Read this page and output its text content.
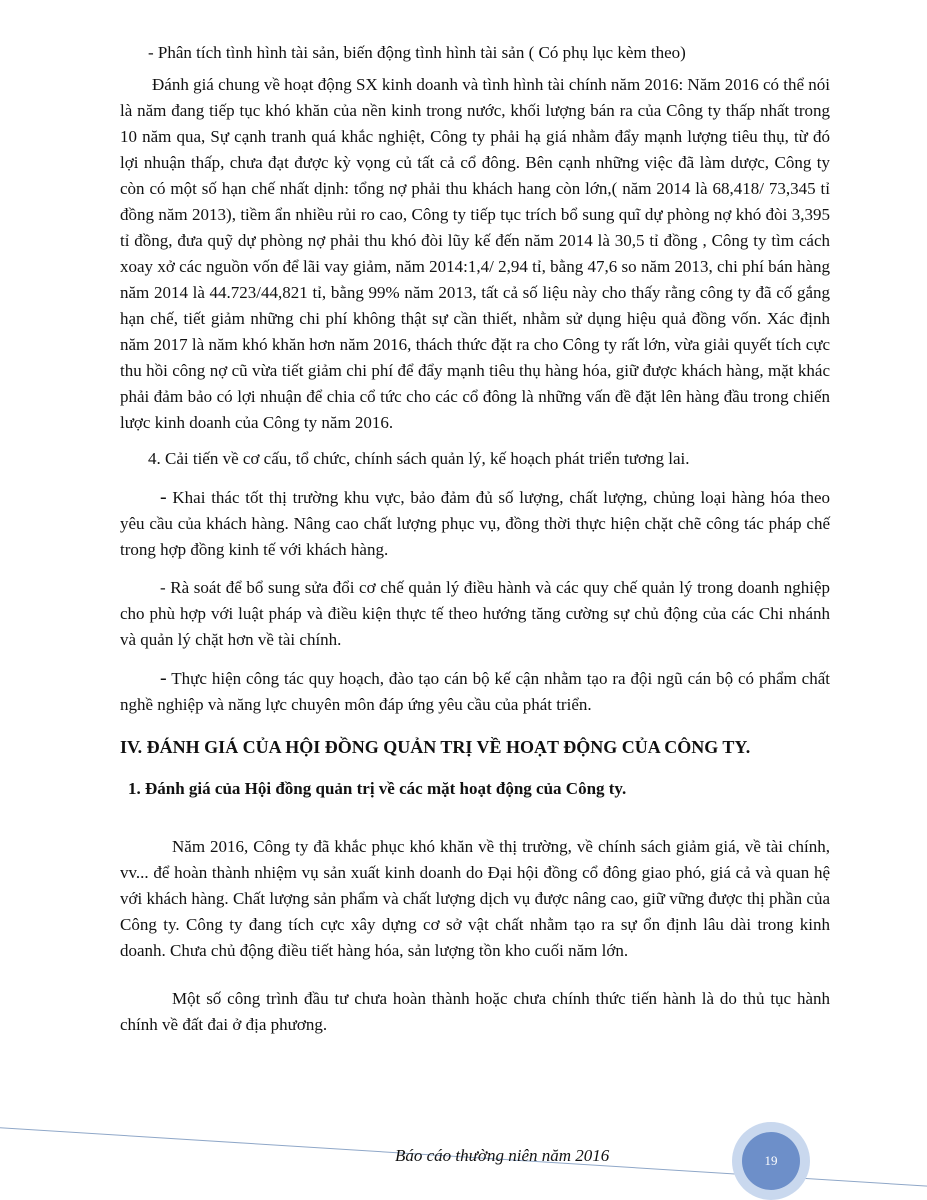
- Phân tích tình hình tài sản, biến động tình hình tài sản ( Có phụ lục kèm theo)

Đánh giá chung về hoạt động SX kinh doanh và tình hình tài chính năm 2016: Năm 2016 có thể nói là năm đang tiếp tục khó khăn của nền kinh trong nước, khối lượng bán ra của Công ty thấp nhất trong 10 năm qua, Sự cạnh tranh quá khắc nghiệt, Công ty phải hạ giá nhằm đẩy mạnh lượng tiêu thụ, từ đó lợi nhuận thấp, chưa đạt được kỳ vọng củ tất cả cổ đông. Bên cạnh những việc đã làm dược, Công ty còn có một số hạn chế nhất dịnh: tổng nợ phải thu khách hang còn lớn,( năm 2014 là 68,418/ 73,345 tỉ đồng năm 2013), tiềm ẩn nhiều rủi ro cao, Công ty tiếp tục trích bổ sung quĩ dự phòng nợ khó đòi 3,395 tỉ đồng, đưa quỹ dự phòng nợ phải thu khó đòi lũy kế đến năm 2014 là 30,5 tỉ đồng , Công ty tìm cách xoay xở các nguồn vốn để lãi vay giảm, năm 2014:1,4/ 2,94 tỉ, bằng 47,6 so năm 2013, chi phí bán hàng năm 2014 là 44.723/44,821 tỉ, bằng 99% năm 2013, tất cả số liệu này cho thấy rằng công ty đã cố gắng hạn chế, tiết giảm những chi phí không thật sự cần thiết, nhằm sử dụng hiệu quả đồng vốn. Xác định năm 2017 là năm khó khăn hơn năm 2016, thách thức đặt ra cho Công ty rất lớn, vừa giải quyết tích cực thu hồi công nợ cũ vừa tiết giảm chi phí để đẩy mạnh tiêu thụ hàng hóa, giữ được khách hàng, mặt khác phải đảm bảo có lợi nhuận để chia cổ tức cho các cổ đông là những vấn đề đặt lên hàng đầu trong chiến lược kinh doanh của Công ty năm 2016.

4. Cải tiến về cơ cấu, tổ chức, chính sách quản lý, kế hoạch phát triển tương lai.

- Khai thác tốt thị trường khu vực, bảo đảm đủ số lượng, chất lượng, chủng loại hàng hóa theo yêu cầu của khách hàng. Nâng cao chất lượng phục vụ, đồng thời thực hiện chặt chẽ công tác pháp chế trong hợp đồng kinh tế với khách hàng.

- Rà soát để bổ sung sửa đổi cơ chế quản lý điều hành và các quy chế quản lý trong doanh nghiệp cho phù hợp với luật pháp và điều kiện thực tế theo hướng tăng cường sự chủ động của các Chi nhánh và quản lý chặt hơn về tài chính.

- Thực hiện công tác quy hoạch, đào tạo cán bộ kế cận nhằm tạo ra đội ngũ cán bộ có phẩm chất nghề nghiệp và năng lực chuyên môn đáp ứng yêu cầu của phát triển.

IV. ĐÁNH GIÁ CỦA HỘI ĐỒNG QUẢN TRỊ VỀ HOẠT ĐỘNG CỦA CÔNG TY.

1. Đánh giá của Hội đồng quản trị về các mặt hoạt động của Công ty.

Năm 2016, Công ty đã khắc phục khó khăn về thị trường, về chính sách giảm giá, về tài chính, vv... để hoàn thành nhiệm vụ sản xuất kinh doanh do Đại hội đồng cổ đông giao phó, giá cả và quan hệ với khách hàng. Chất lượng sản phẩm và chất lượng dịch vụ được nâng cao, giữ vững được thị phần của Công ty. Công ty đang tích cực xây dựng cơ sở vật chất nhằm tạo ra sự ổn định lâu dài trong kinh doanh. Chưa chủ động điều tiết hàng hóa, sản lượng tồn kho cuối năm lớn.

Một số công trình đầu tư chưa hoàn thành hoặc chưa chính thức tiến hành là do thủ tục hành chính về đất đai ở địa phương.

Báo cáo thường niên năm 2016	19
